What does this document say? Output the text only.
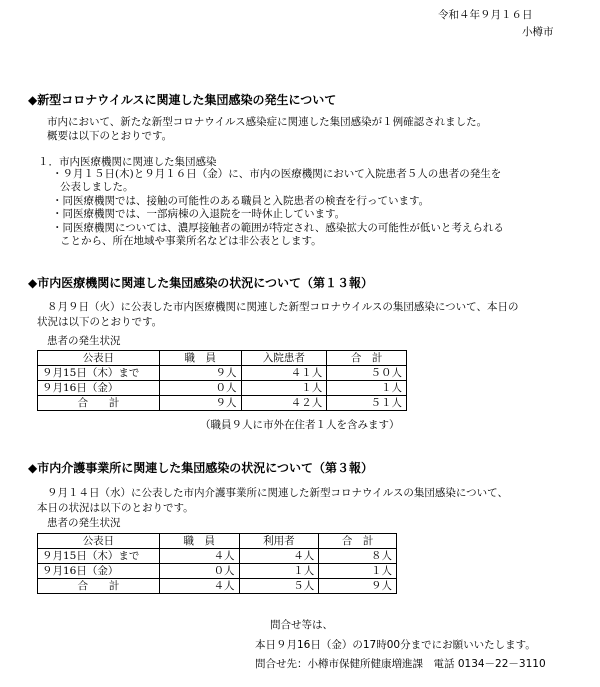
令和４年９月１６日
小樽市
◆新型コロナウイルスに関連した集団感染の発生について
市内において、新たな新型コロナウイルス感染症に関連した集団感染が１例確認されました。
概要は以下のとおりです。
１．市内医療機関に関連した集団感染
・９月１５日(木)と９月１６日（金）に、市内の医療機関において入院患者５人の患者の発生を
公表しました。
・同医療機関では、接触の可能性のある職員と入院患者の検査を行っています。
・同医療機関では、一部病棟の入退院を一時休止しています。
・同医療機関については、濃厚接触者の範囲が特定され、感染拡大の可能性が低いと考えられる
ことから、所在地域や事業所名などは非公表とします。
◆市内医療機関に関連した集団感染の状況について（第１３報）
８月９日（火）に公表した市内医療機関に関連した新型コロナウイルスの集団感染について、本日の
状況は以下のとおりです。
患者の発生状況
公表日	職　員	入院患者	合　計
９月15日（木）まで	９人	４１人	５０人
９月16日（金）	０人	１人	１人
合　　計	９人	４２人	５１人
（職員９人に市外在住者１人を含みます）
◆市内介護事業所に関連した集団感染の状況について（第３報）
９月１４日（水）に公表した市内介護事業所に関連した新型コロナウイルスの集団感染について、
本日の状況は以下のとおりです。
患者の発生状況
公表日	職　員	利用者	合　計
９月15日（木）まで	４人	４人	８人
９月16日（金）	０人	１人	１人
合　　計	４人	５人	９人
問合せ等は、
本日９月16日（金）の17時00分までにお願いいたします。
問合せ先：小樽市保健所健康増進課　電話 0134－22－3110
